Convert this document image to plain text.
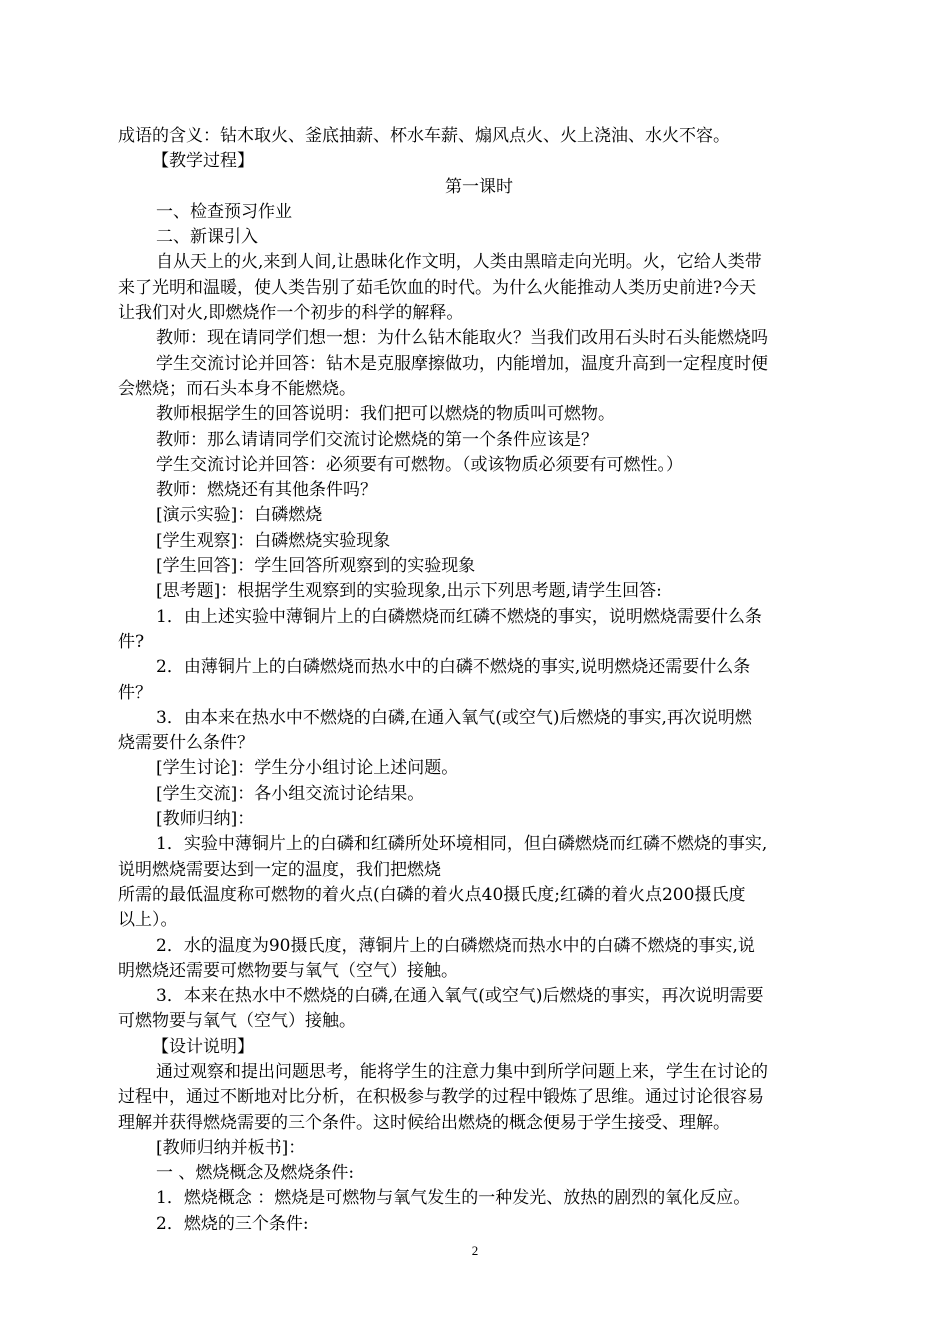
成语的含义：钻木取火、釜底抽薪、杯水车薪、煽风点火、火上浇油、水火不容。
【教学过程】
第一课时
一、检查预习作业
二、新课引入
自从天上的火,来到人间,让愚昧化作文明，人类由黑暗走向光明。火，它给人类带
来了光明和温暖，使人类告别了茹毛饮血的时代。为什么火能推动人类历史前进?今天
让我们对火,即燃烧作一个初步的科学的解释。
教师：现在请同学们想一想：为什么钻木能取火？当我们改用石头时石头能燃烧吗
学生交流讨论并回答：钻木是克服摩擦做功，内能增加，温度升高到一定程度时便
会燃烧；而石头本身不能燃烧。
教师根据学生的回答说明：我们把可以燃烧的物质叫可燃物。
教师：那么请请同学们交流讨论燃烧的第一个条件应该是？
学生交流讨论并回答：必须要有可燃物。（或该物质必须要有可燃性。）
教师：燃烧还有其他条件吗？
[演示实验]：白磷燃烧
[学生观察]：白磷燃烧实验现象
[学生回答]：学生回答所观察到的实验现象
[思考题]：根据学生观察到的实验现象,出示下列思考题,请学生回答:
1．由上述实验中薄铜片上的白磷燃烧而红磷不燃烧的事实，说明燃烧需要什么条
件?
2．由薄铜片上的白磷燃烧而热水中的白磷不燃烧的事实,说明燃烧还需要什么条
件？
3．由本来在热水中不燃烧的白磷,在通入氧气(或空气)后燃烧的事实,再次说明燃
烧需要什么条件？
[学生讨论]：学生分小组讨论上述问题。
[学生交流]：各小组交流讨论结果。
[教师归纳]：
1．实验中薄铜片上的白磷和红磷所处环境相同，但白磷燃烧而红磷不燃烧的事实,
说明燃烧需要达到一定的温度，我们把燃烧
所需的最低温度称可燃物的着火点(白磷的着火点40摄氏度;红磷的着火点200摄氏度
以上）。
2．水的温度为90摄氏度，薄铜片上的白磷燃烧而热水中的白磷不燃烧的事实,说
明燃烧还需要可燃物要与氧气（空气）接触。
3．本来在热水中不燃烧的白磷,在通入氧气(或空气)后燃烧的事实，再次说明需要
可燃物要与氧气（空气）接触。
【设计说明】
通过观察和提出问题思考，能将学生的注意力集中到所学问题上来，学生在讨论的
过程中，通过不断地对比分析，在积极参与教学的过程中锻炼了思维。通过讨论很容易
理解并获得燃烧需要的三个条件。这时候给出燃烧的概念便易于学生接受、理解。
[教师归纳并板书]：
一 、燃烧概念及燃烧条件:
1．燃烧概念 ：燃烧是可燃物与氧气发生的一种发光、放热的剧烈的氧化反应。
2．燃烧的三个条件:
2
